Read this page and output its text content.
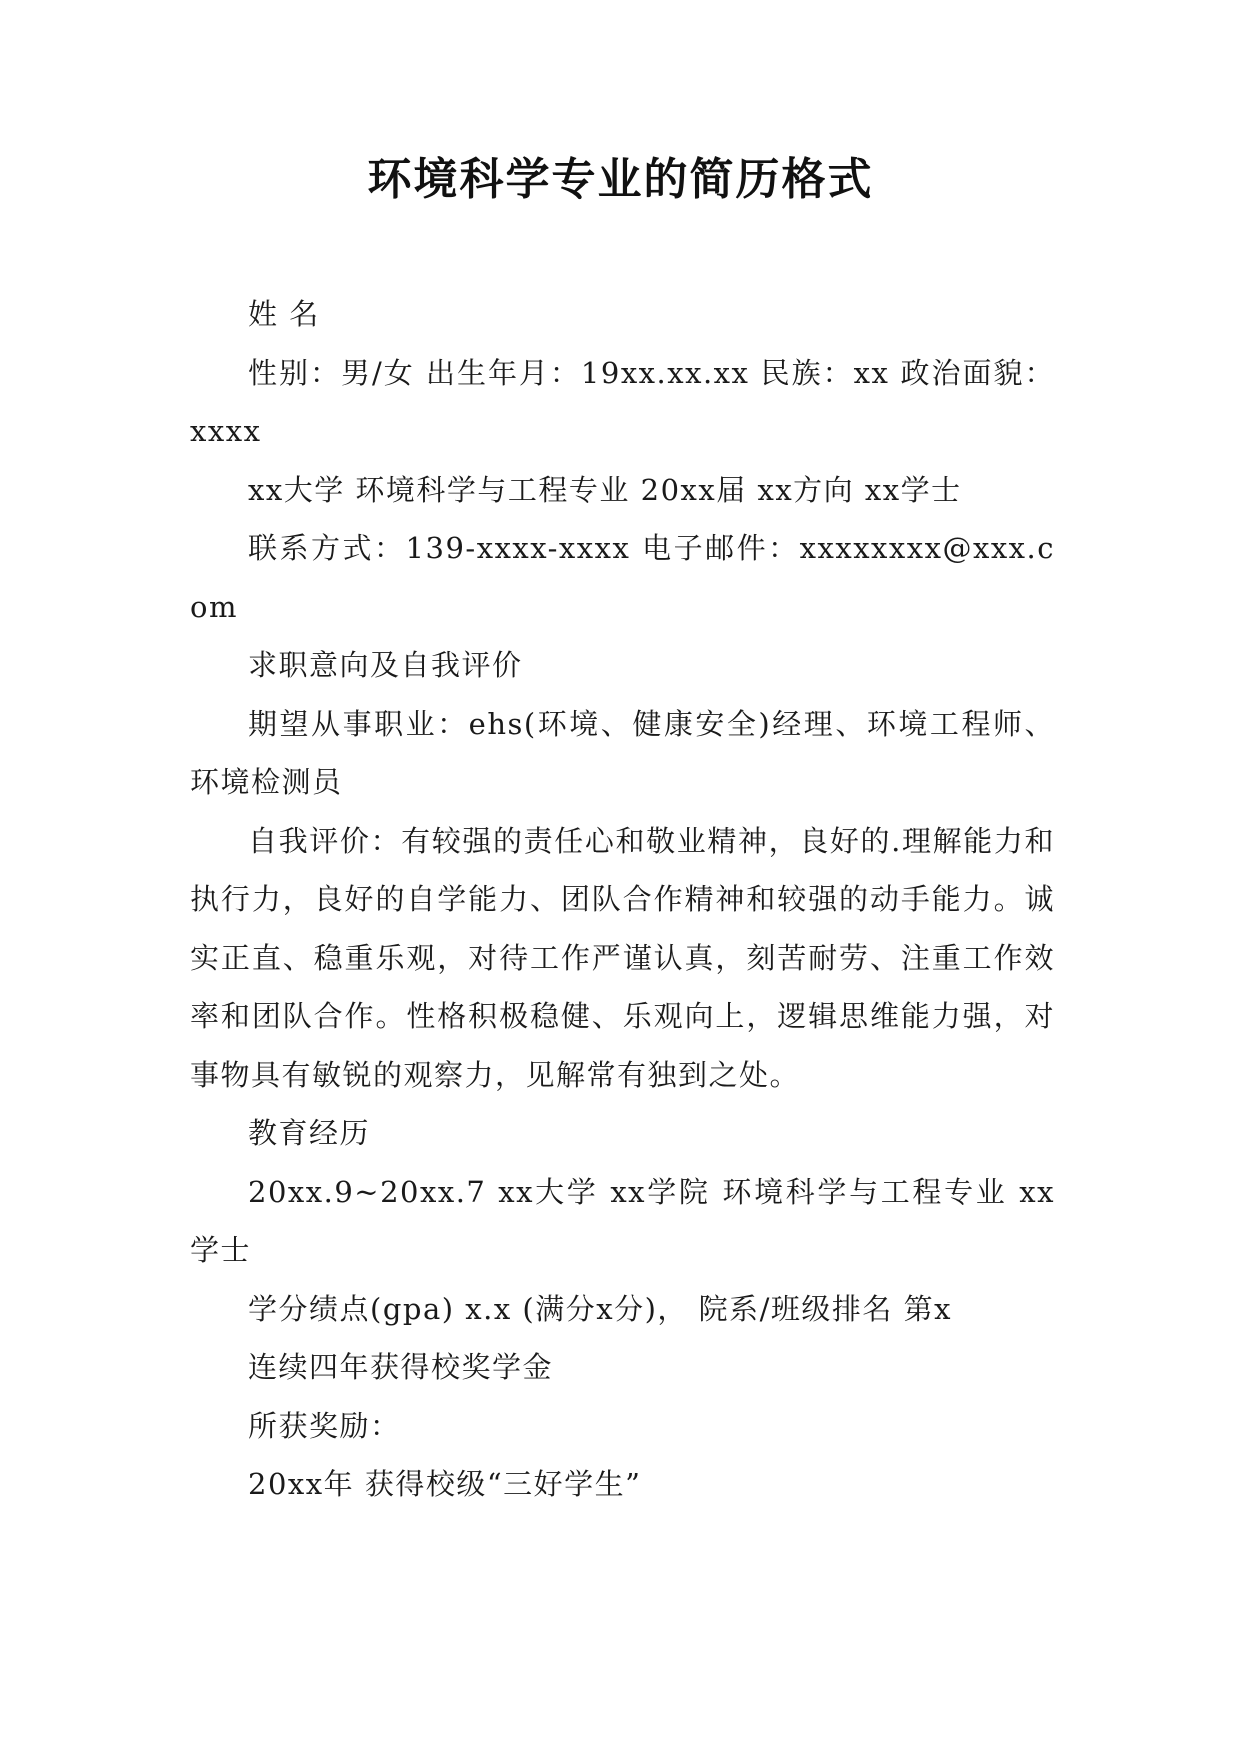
环境科学专业的简历格式

姓 名

性别：男/女 出生年月：19xx.xx.xx 民族：xx 政治面貌：xxxx

xx大学 环境科学与工程专业 20xx届 xx方向 xx学士

联系方式：139-xxxx-xxxx 电子邮件：xxxxxxxx@xxx.com

求职意向及自我评价

期望从事职业：ehs(环境、健康安全)经理、环境工程师、环境检测员

自我评价：有较强的责任心和敬业精神，良好的.理解能力和执行力，良好的自学能力、团队合作精神和较强的动手能力。诚实正直、稳重乐观，对待工作严谨认真，刻苦耐劳、注重工作效率和团队合作。性格积极稳健、乐观向上，逻辑思维能力强，对事物具有敏锐的观察力，见解常有独到之处。

教育经历

20xx.9~20xx.7 xx大学 xx学院 环境科学与工程专业 xx学士

学分绩点(gpa) x.x (满分x分)， 院系/班级排名 第x

连续四年获得校奖学金

所获奖励：

20xx年 获得校级“三好学生”
